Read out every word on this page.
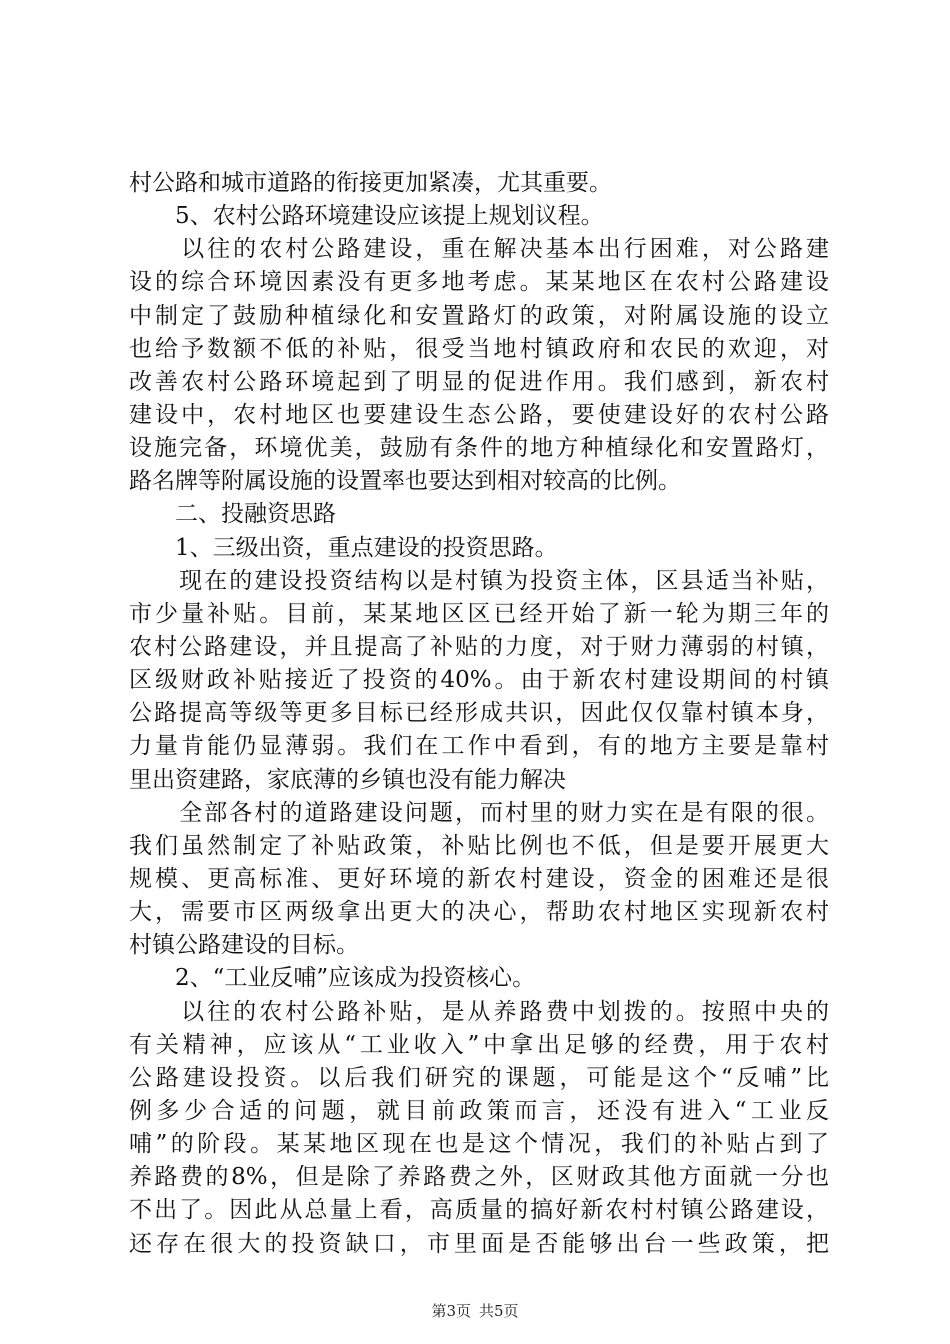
村公路和城市道路的衔接更加紧凑，尤其重要。
　　5、农村公路环境建设应该提上规划议程。
　　以往的农村公路建设，重在解决基本出行困难，对公路建
设的综合环境因素没有更多地考虑。某某地区在农村公路建设
中制定了鼓励种植绿化和安置路灯的政策，对附属设施的设立
也给予数额不低的补贴，很受当地村镇政府和农民的欢迎，对
改善农村公路环境起到了明显的促进作用。我们感到，新农村
建设中，农村地区也要建设生态公路，要使建设好的农村公路
设施完备，环境优美，鼓励有条件的地方种植绿化和安置路灯，
路名牌等附属设施的设置率也要达到相对较高的比例。
　　二、投融资思路
　　1、三级出资，重点建设的投资思路。
　　现在的建设投资结构以是村镇为投资主体，区县适当补贴，
市少量补贴。目前，某某地区区已经开始了新一轮为期三年的
农村公路建设，并且提高了补贴的力度，对于财力薄弱的村镇，
区级财政补贴接近了投资的40%。由于新农村建设期间的村镇
公路提高等级等更多目标已经形成共识，因此仅仅靠村镇本身，
力量肯能仍显薄弱。我们在工作中看到，有的地方主要是靠村
里出资建路，家底薄的乡镇也没有能力解决
　　全部各村的道路建设问题，而村里的财力实在是有限的很。
我们虽然制定了补贴政策，补贴比例也不低，但是要开展更大
规模、更高标准、更好环境的新农村建设，资金的困难还是很
大，需要市区两级拿出更大的决心，帮助农村地区实现新农村
村镇公路建设的目标。
　　2、“工业反哺”应该成为投资核心。
　　以往的农村公路补贴，是从养路费中划拨的。按照中央的
有关精神，应该从“工业收入”中拿出足够的经费，用于农村
公路建设投资。以后我们研究的课题，可能是这个“反哺”比
例多少合适的问题，就目前政策而言，还没有进入“工业反
哺”的阶段。某某地区现在也是这个情况，我们的补贴占到了
养路费的8%，但是除了养路费之外，区财政其他方面就一分也
不出了。因此从总量上看，高质量的搞好新农村村镇公路建设，
还存在很大的投资缺口，市里面是否能够出台一些政策，把
第3页 共5页
